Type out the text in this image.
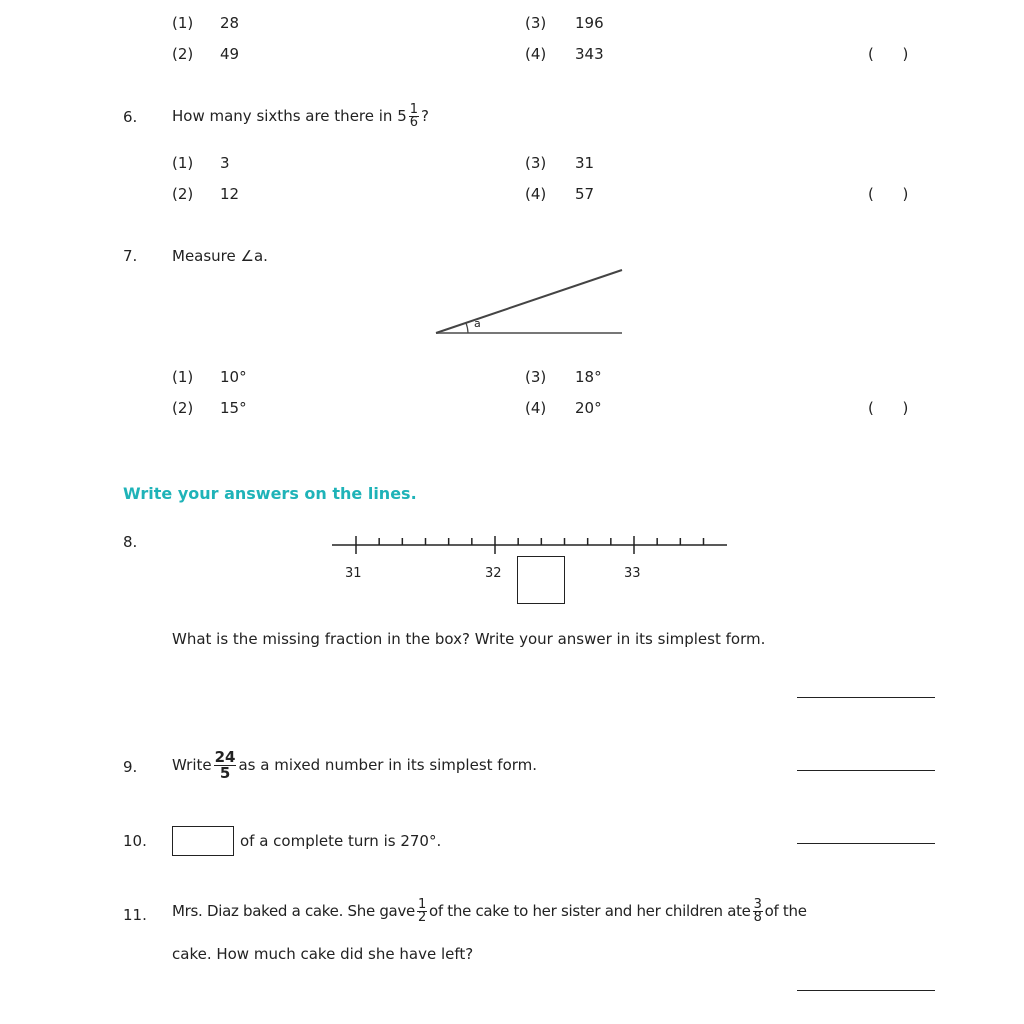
(1) 28
(2) 49
(3) 196
(4) 343	(      )
6. How many sixths are there in $5 \frac{1}{6}$ ?
(1) 3
(2) 12
(3) 31
(4) 57	(      )
7. Measure ∠a.
a
(1) 10°
(2) 15°
(3) 18°
(4) 20°	(      )
Write your answers on the lines.
8.
31	32	33
What is the missing fraction in the box? Write your answer in its simplest form.
9. Write $\frac{24}{5}$ as a mixed number in its simplest form.
10.	of a complete turn is 270°.
11. Mrs. Diaz baked a cake. She gave $\frac{1}{2}$ of the cake to her sister and her children ate $\frac{3}{8}$ of the
cake. How much cake did she have left?
